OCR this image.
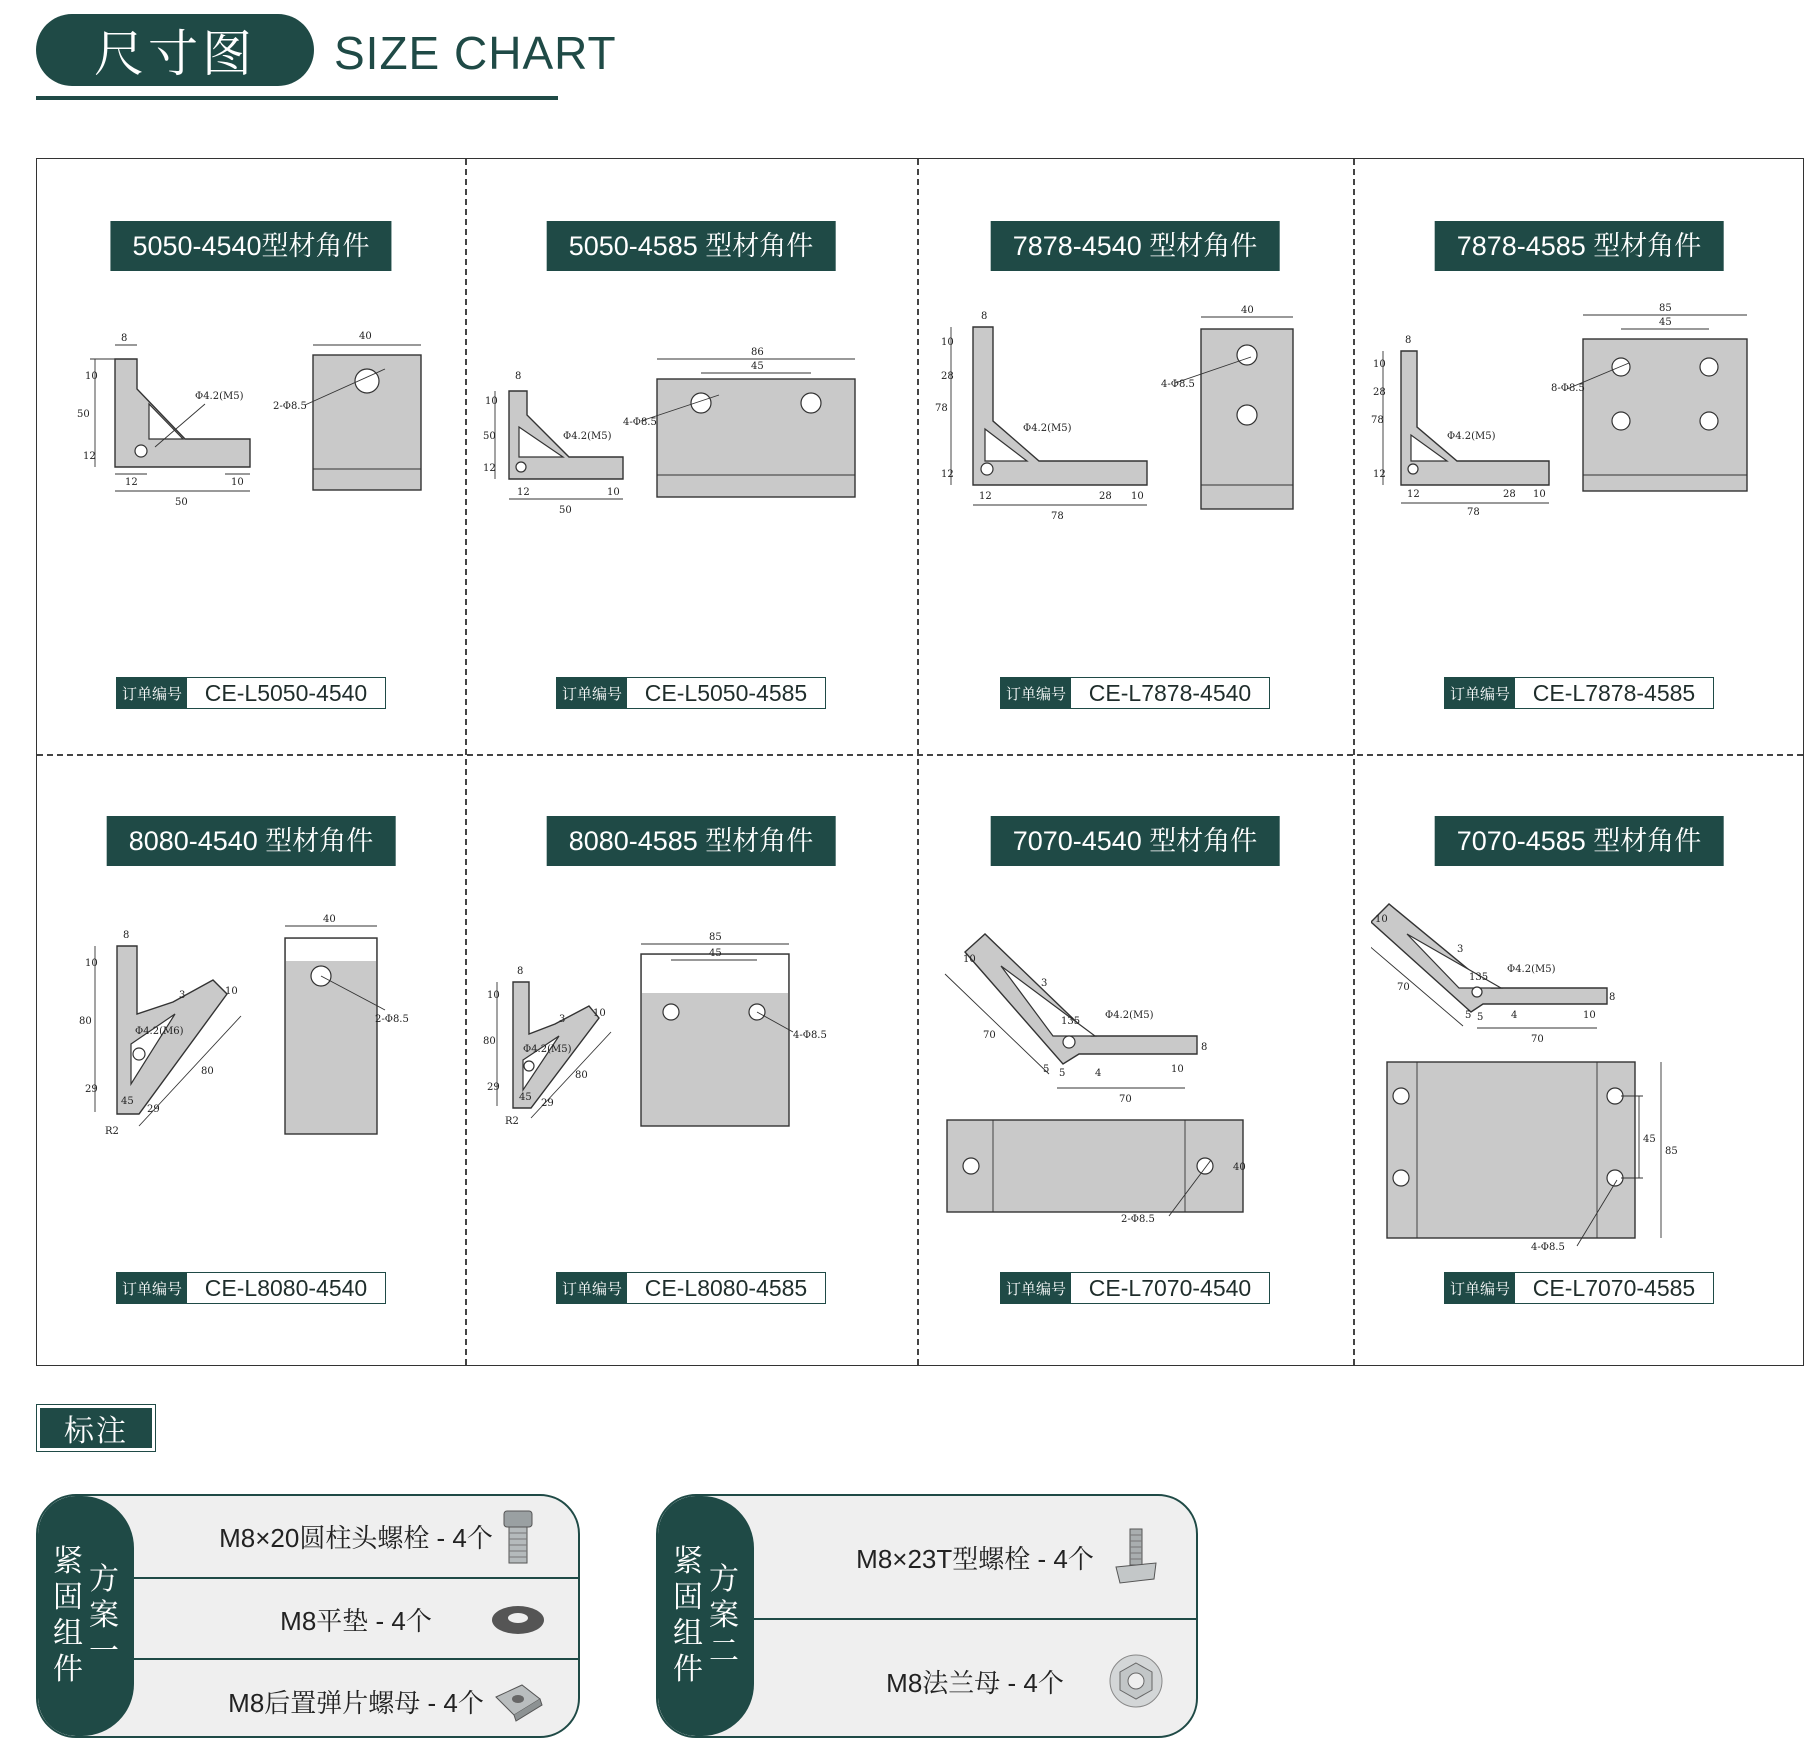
尺寸图 SIZE CHART
5050-4540型材角件
8
10
50
12
Φ4.2(M5)
12	10
50
40
2-Φ8.5
订单编号 CE-L5050-4540
5050-4585 型材角件
8
10
50
12
Φ4.2(M5)
12	10
50
86
45
4-Φ8.5
订单编号 CE-L5050-4585
7878-4540 型材角件
8
10
28
78
12
Φ4.2(M5)
12	28 10
78
40
4-Φ8.5
订单编号 CE-L7878-4540
7878-4585 型材角件
8
10
28
78
12
Φ4.2(M5)
12	28 10
78
85
45
8-Φ8.5
订单编号 CE-L7878-4585
8080-4540 型材角件
8
10
80
29
3
Φ4.2(M6)
45
29
R2
80
10
40
2-Φ8.5
订单编号 CE-L8080-4540
8080-4585 型材角件
8
10
80
29
3
Φ4.2(M5)
45
29
R2
80
10
85
45
4-Φ8.5
订单编号 CE-L8080-4585
7070-4540 型材角件
10
3
135
Φ4.2(M5)
70
5 5	4
70
10
8
40
2-Φ8.5
订单编号 CE-L7070-4540
7070-4585 型材角件
10
3
135
Φ4.2(M5)
70
5 5	4
70
10
8
45
85
4-Φ8.5
订单编号 CE-L7070-4585
标注
方
案
一
紧
固
组
件
M8×20圆柱头螺栓 - 4个
M8平垫 - 4个
M8后置弹片螺母 - 4个
方
案
二
紧
固
组
件
M8×23T型螺栓 - 4个
M8法兰母 - 4个
